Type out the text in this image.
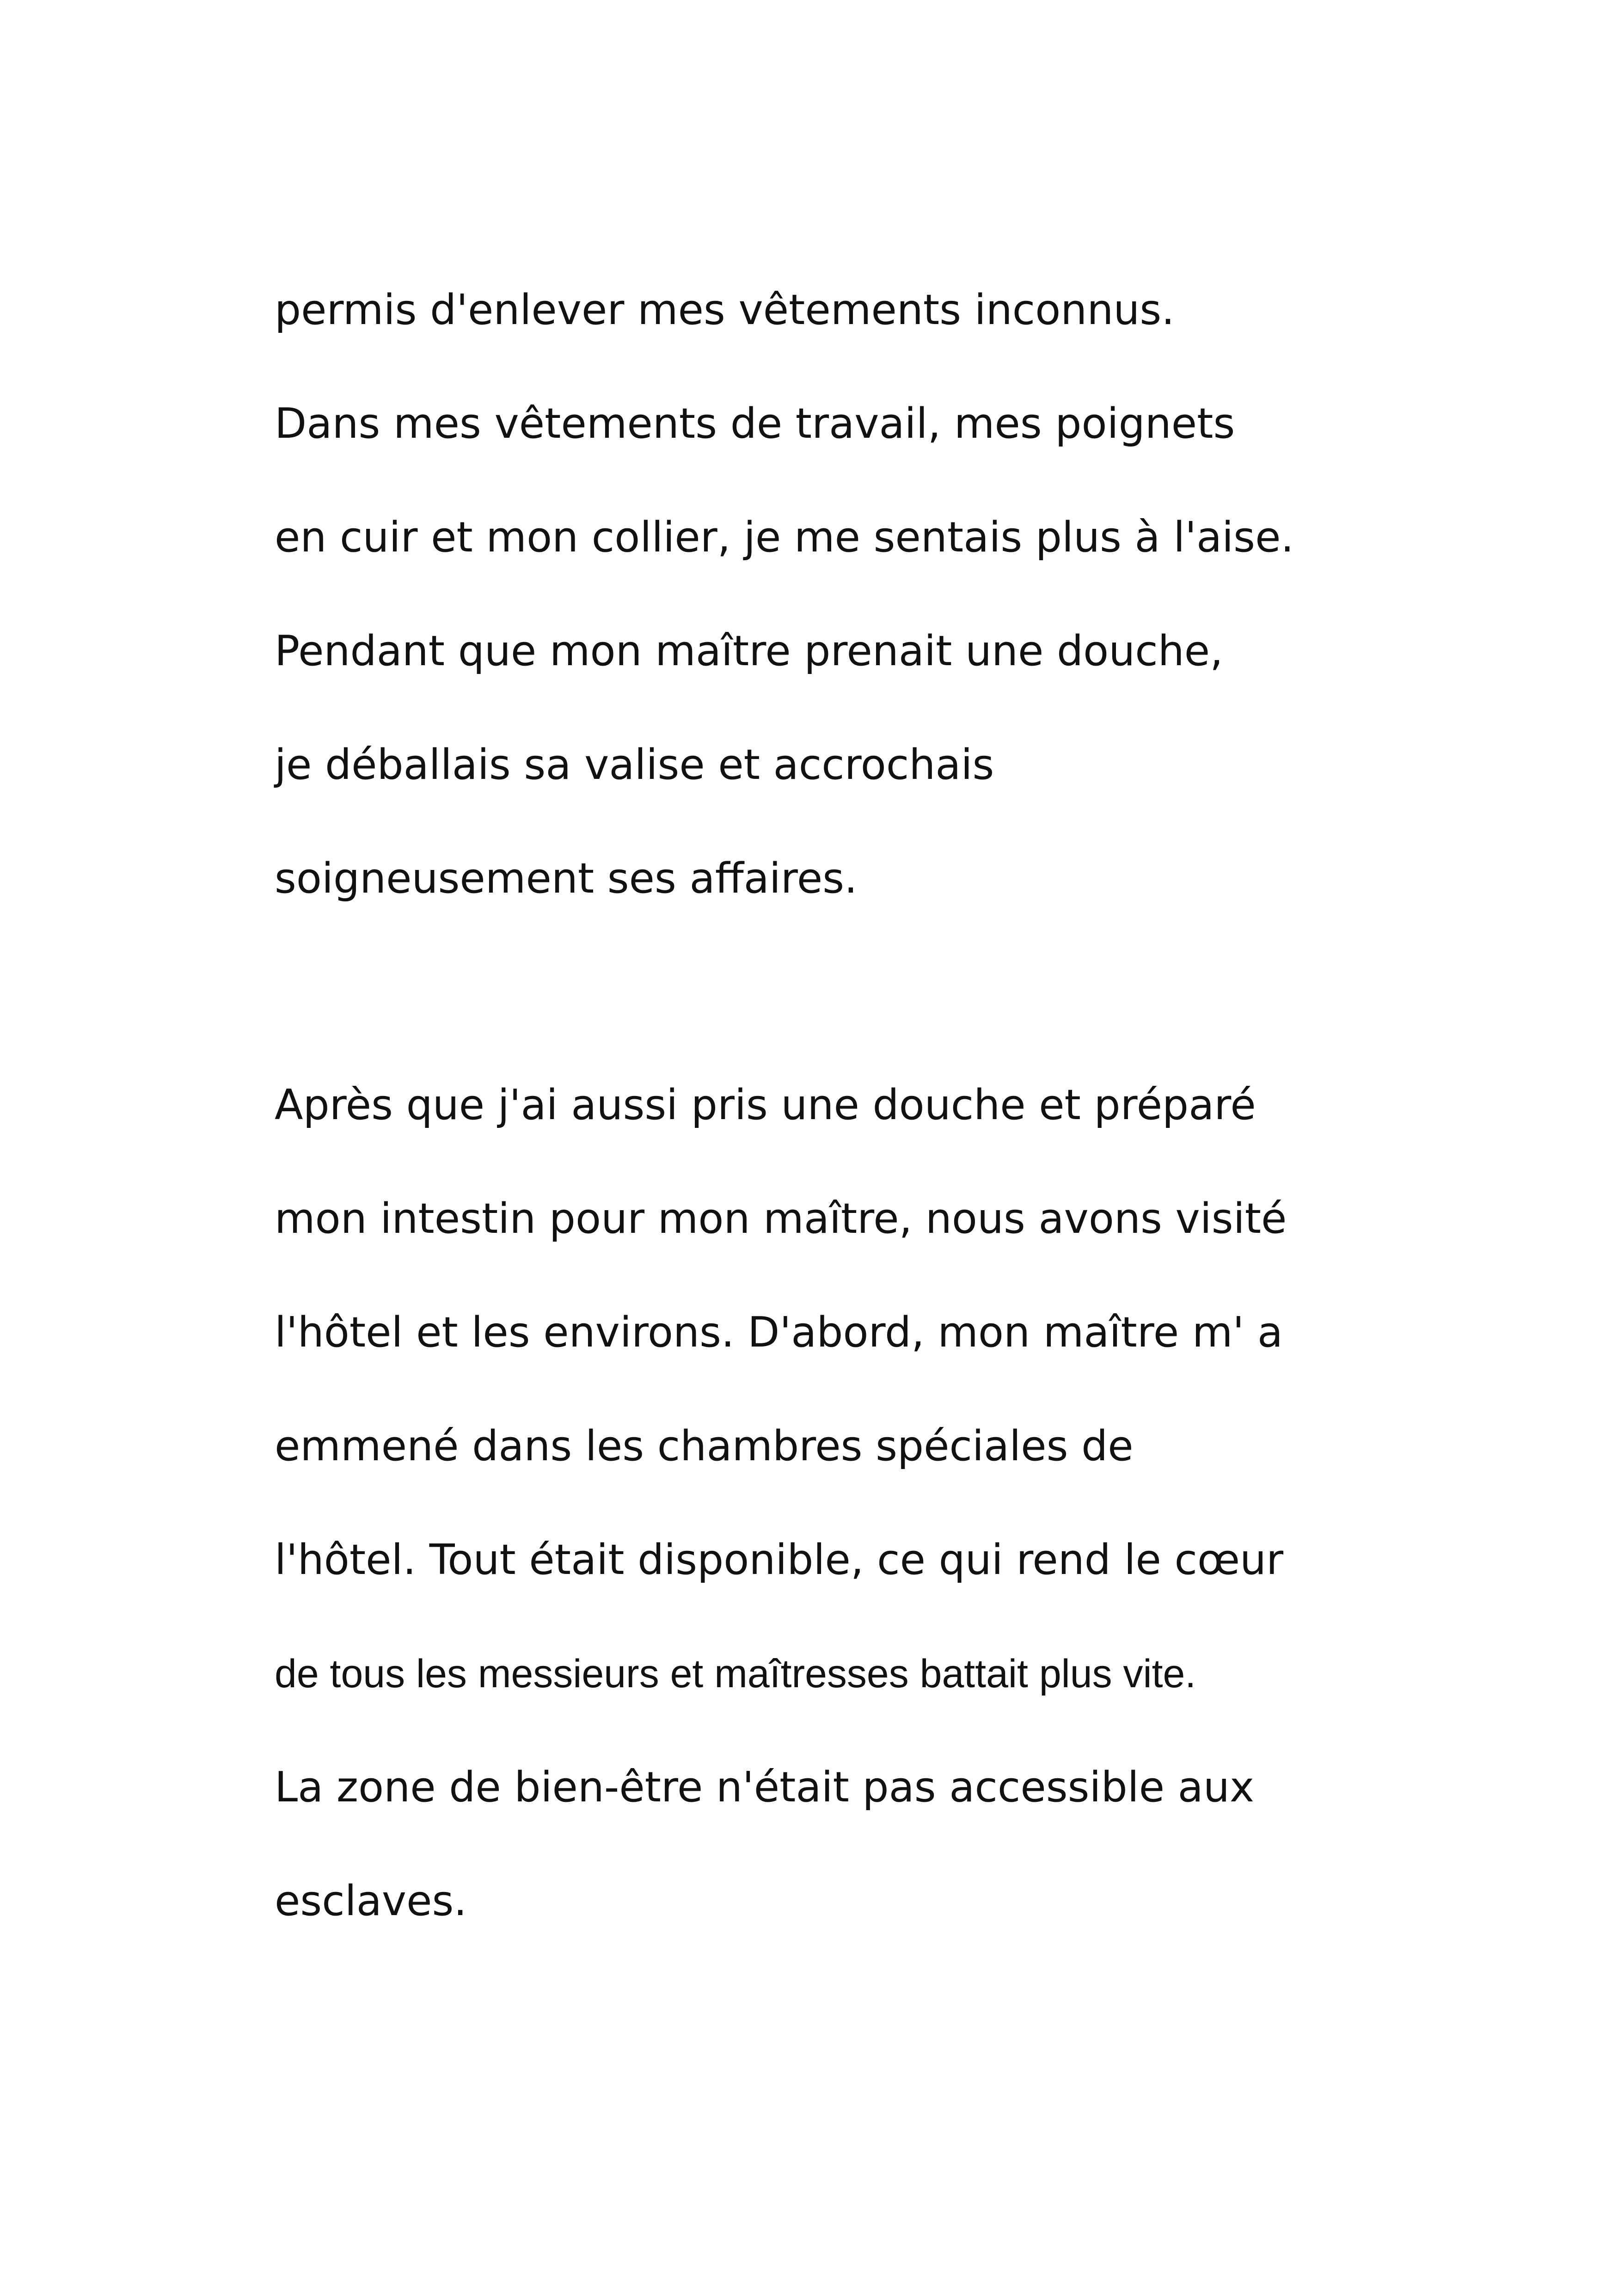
permis d'enlever mes vêtements inconnus.
Dans mes vêtements de travail, mes poignets
en cuir et mon collier, je me sentais plus à l'aise.
Pendant que mon maître prenait une douche,
je déballais sa valise et accrochais
soigneusement ses affaires.
Après que j'ai aussi pris une douche et préparé
mon intestin pour mon maître, nous avons visité
l'hôtel et les environs. D'abord, mon maître m' a
emmené dans les chambres spéciales de
l'hôtel. Tout était disponible, ce qui rend le cœur
de tous les messieurs et maîtresses battait plus vite.
La zone de bien-être n'était pas accessible aux
esclaves.
